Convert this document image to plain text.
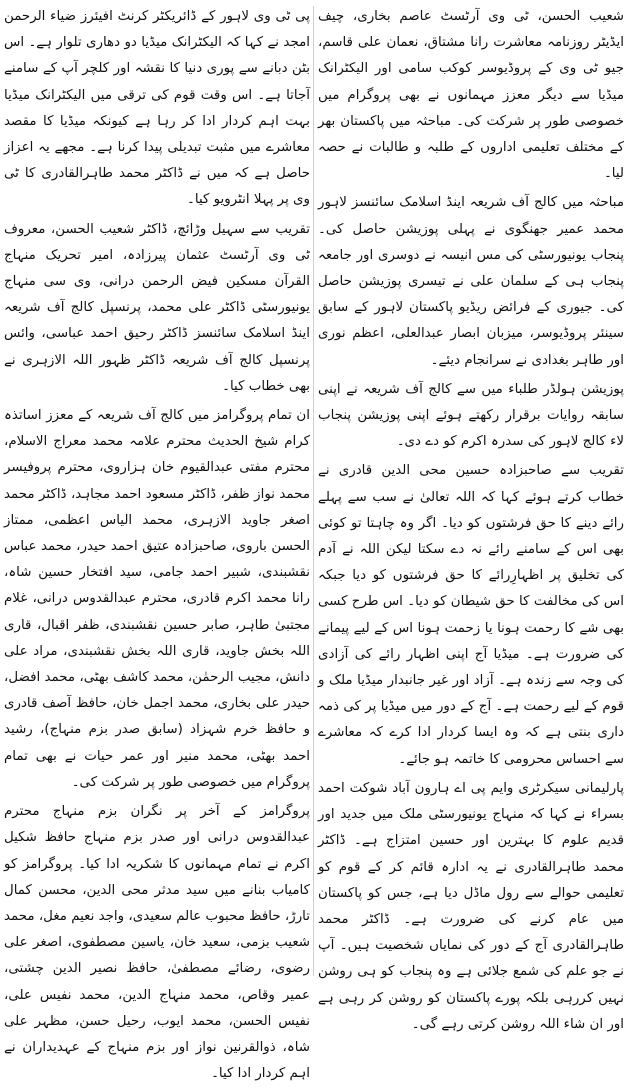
شعیب الحسن، ٹی وی آرٹسٹ عاصم بخاری، چیف ایڈیٹر روزنامہ معاشرت رانا مشتاق، نعمان علی قاسم، جیو ٹی وی کے پروڈیوسر کوکب سامی اور الیکٹرانک میڈیا سے دیگر معزز مہمانوں نے بھی پروگرام میں خصوصی طور پر شرکت کی۔ مباحثہ میں پاکستان بھر کے مختلف تعلیمی اداروں کے طلبہ و طالبات نے حصہ لیا۔

مباحثہ میں کالج آف شریعہ اینڈ اسلامک سائنسز لاہور محمد عمیر جھنگوی نے پہلی پوزیشن حاصل کی۔ پنجاب یونیورسٹی کی مس انیسہ نے دوسری اور جامعہ پنجاب ہی کے سلمان علی نے تیسری پوزیشن حاصل کی۔ جیوری کے فرائض ریڈیو پاکستان لاہور کے سابق سینئر پروڈیوسر، میزبان ابصار عبدالعلی، اعظم نوری اور طاہر بغدادی نے سرانجام دیئے۔

پوزیشن ہولڈر طلباء میں سے کالج آف شریعہ نے اپنی سابقہ روایات برقرار رکھتے ہوئے اپنی پوزیشن پنجاب لاء کالج لاہور کی سدرہ اکرم کو دے دی۔

تقریب سے صاحبزادہ حسین محی الدین قادری نے خطاب کرتے ہوئے کہا کہ اللہ تعالیٰ نے سب سے پہلے رائے دینے کا حق فرشتوں کو دیا۔ اگر وہ چاہتا تو کوئی بھی اس کے سامنے رائے نہ دے سکتا لیکن اللہ نے آدم کی تخلیق پر اظہارِرائے کا حق فرشتوں کو دیا جبکہ اس کی مخالفت کا حق شیطان کو دیا۔ اس طرح کسی بھی شے کا رحمت ہونا یا زحمت ہونا اس کے لیے پیمانے کی ضرورت ہے۔ میڈیا آج اپنی اظہار رائے کی آزادی کی وجہ سے زندہ ہے۔ آزاد اور غیر جانبدار میڈیا ملک و قوم کے لیے رحمت ہے۔ آج کے دور میں میڈیا پر کی ذمہ داری بنتی ہے کہ وہ ایسا کردار ادا کرے کہ معاشرے سے احساس محرومی کا خاتمہ ہو جائے۔

پارلیمانی سیکرٹری وایم پی اے ہارون آباد شوکت احمد بسراء نے کہا کہ منہاج یونیورسٹی ملک میں جدید اور قدیم علوم کا بہترین اور حسین امتزاج ہے۔ ڈاکٹر محمد طاہرالقادری نے یہ ادارہ قائم کر کے قوم کو تعلیمی حوالے سے رول ماڈل دیا ہے، جس کو پاکستان میں عام کرنے کی ضرورت ہے۔ ڈاکٹر محمد طاہرالقادری آج کے دور کی نمایاں شخصیت ہیں۔ آپ نے جو علم کی شمع جلائی ہے وہ پنجاب کو ہی روشن نہیں کررہی بلکہ پورے پاکستان کو روشن کر رہی ہے اور ان شاء اللہ روشن کرتی رہے گی۔

پی ٹی وی لاہور کے ڈائریکٹر کرنٹ افیئرز ضیاء الرحمن امجد نے کہا کہ الیکٹرانک میڈیا دو دھاری تلوار ہے۔ اس بٹن دبانے سے پوری دنیا کا نقشہ اور کلچر آپ کے سامنے آجاتا ہے۔ اس وقت قوم کی ترقی میں الیکٹرانک میڈیا بہت اہم کردار ادا کر رہا ہے کیونکہ میڈیا کا مقصد معاشرے میں مثبت تبدیلی پیدا کرنا ہے۔ مجھے یہ اعزاز حاصل ہے کہ میں نے ڈاکٹر محمد طاہرالقادری کا ٹی وی پر پہلا انٹرویو کیا۔

تقریب سے سہیل وڑائچ، ڈاکٹر شعیب الحسن، معروف ٹی وی آرٹسٹ عثمان پیرزادہ، امیر تحریک منہاج القرآن مسکین فیض الرحمن درانی، وی سی منہاج یونیورسٹی ڈاکٹر علی محمد، پرنسپل کالج آف شریعہ اینڈ اسلامک سائنسز ڈاکٹر رحیق احمد عباسی، وائس پرنسپل کالج آف شریعہ ڈاکٹر ظہور اللہ الازہری نے بھی خطاب کیا۔

ان تمام پروگرامز میں کالج آف شریعہ کے معزز اساتذہ کرام شیخ الحدیث محترم علامہ محمد معراج الاسلام، محترم مفتی عبدالقیوم خان ہزاروی، محترم پروفیسر محمد نواز ظفر، ڈاکٹر مسعود احمد مجاہد، ڈاکٹر محمد اصغر جاوید الازہری، محمد الیاس اعظمی، ممتاز الحسن باروی، صاحبزادہ عتیق احمد حیدر، محمد عباس نقشبندی، شبیر احمد جامی، سید افتخار حسین شاہ، رانا محمد اکرم قادری، محترم عبدالقدوس درانی، غلام مجتبیٰ طاہر، صابر حسین نقشبندی، ظفر اقبال، قاری اللہ بخش جاوید، قاری اللہ بخش نقشبندی، مراد علی دانش، مجیب الرحمٰن، محمد کاشف بھٹی، محمد افضل، حیدر علی بخاری، محمد اجمل خان، حافظ آصف قادری و حافظ خرم شہزاد (سابق صدر بزم منہاج)، رشید احمد بھٹی، محمد منیر اور عمر حیات نے بھی تمام پروگرام میں خصوصی طور پر شرکت کی۔

پروگرامز کے آخر پر نگران بزم منہاج محترم عبدالقدوس درانی اور صدر بزم منہاج حافظ شکیل اکرم نے تمام مہمانوں کا شکریہ ادا کیا۔ پروگرامز کو کامیاب بنانے میں سید مدثر محی الدین، محسن کمال تارڑ، حافظ محبوب عالم سعیدی، واجد نعیم مغل، محمد شعیب بزمی، سعید خان، یاسین مصطفوی، اصغر علی رضوی، رضائے مصطفیٰ، حافظ نصیر الدین چشتی، عمیر وقاص، محمد منہاج الدین، محمد نفیس علی، نفیس الحسن، محمد ایوب، رحیل حسن، مظہر علی شاہ، ذوالقرنین نواز اور بزم منہاج کے عہدیداران نے اہم کردار ادا کیا۔
